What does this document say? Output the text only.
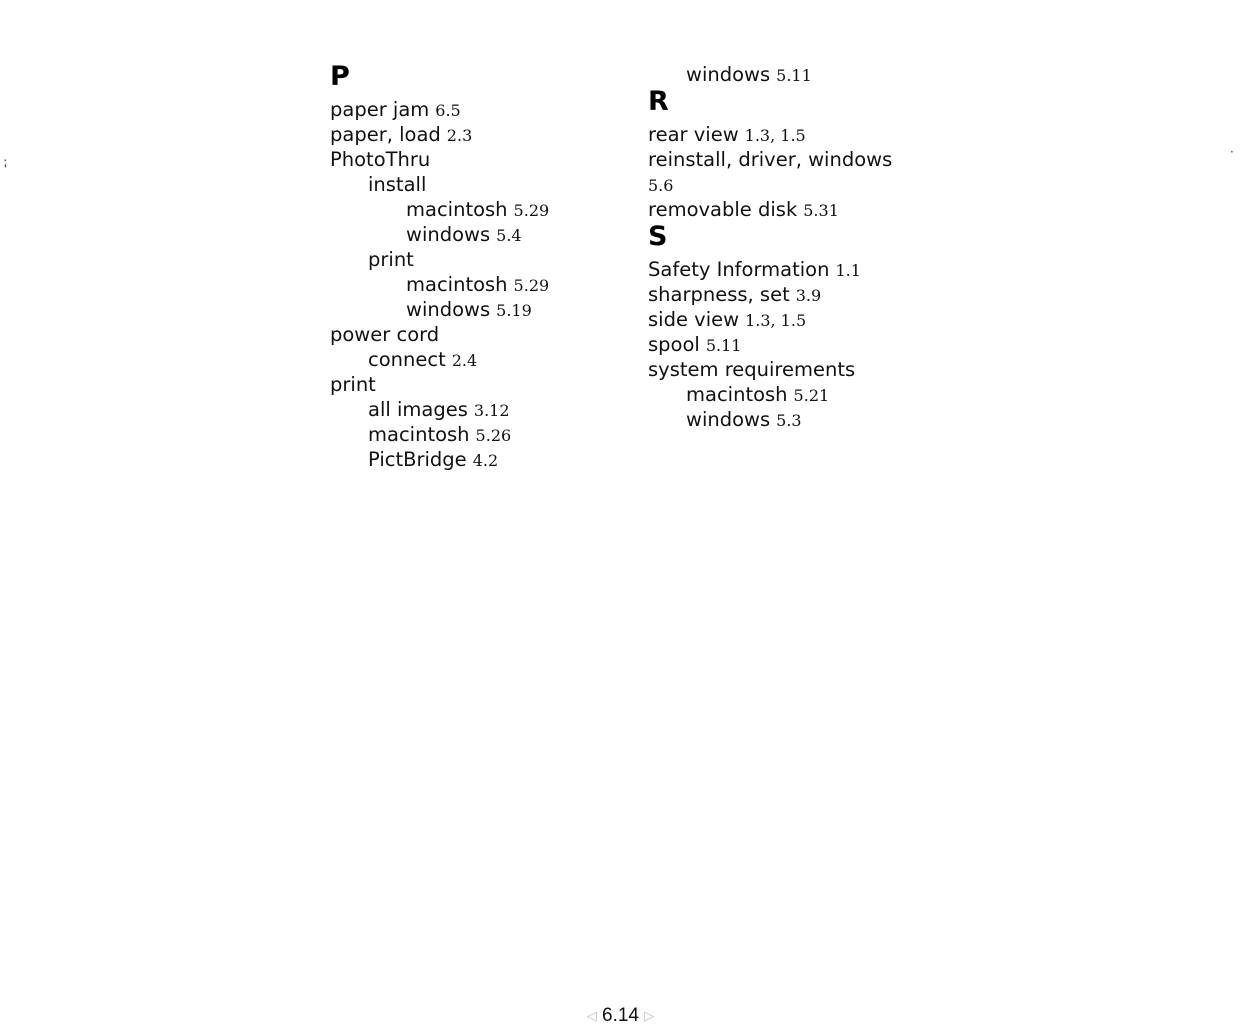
P
paper jam 6.5
paper, load 2.3
PhotoThru
install
macintosh 5.29
windows 5.4
print
macintosh 5.29
windows 5.19
power cord
connect 2.4
print
all images 3.12
macintosh 5.26
PictBridge 4.2
windows 5.11
R
rear view 1.3, 1.5
reinstall, driver, windows
5.6
removable disk 5.31
S
Safety Information 1.1
sharpness, set 3.9
side view 1.3, 1.5
spool 5.11
system requirements
macintosh 5.21
windows 5.3
⁏
·
◁ 6.14 ▷
